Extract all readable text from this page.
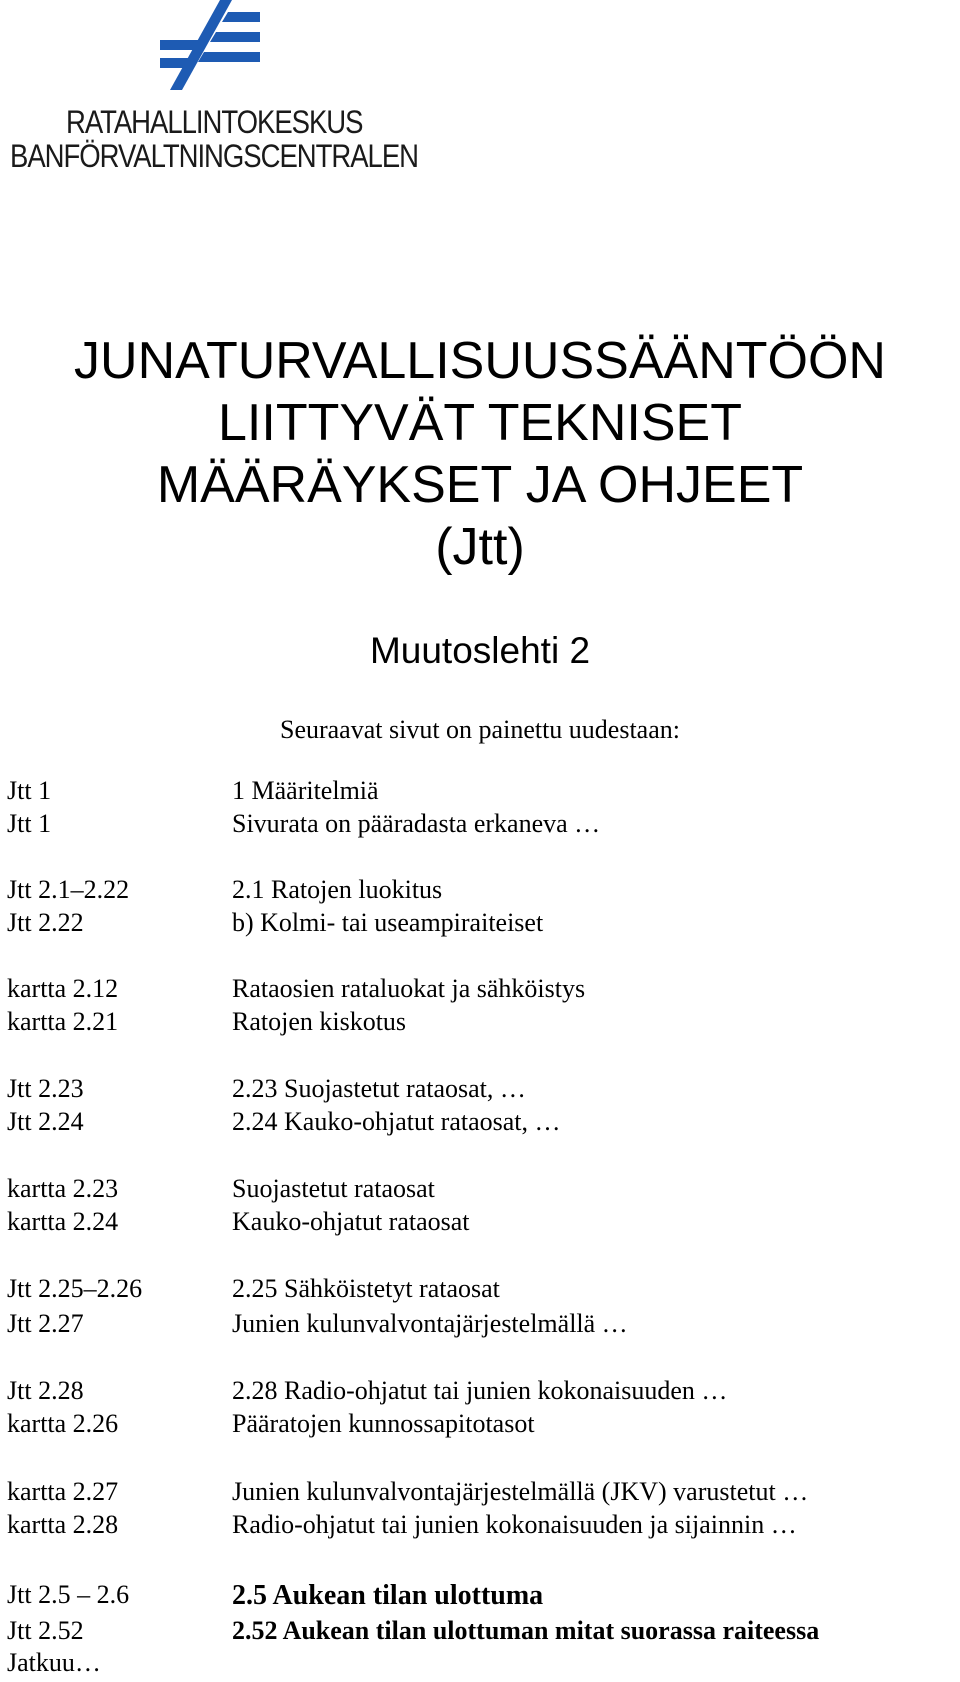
RATAHALLINTOKESKUS
BANFÖRVALTNINGSCENTRALEN
JUNATURVALLISUUSSÄÄNTÖÖN
LIITTYVÄT TEKNISET
MÄÄRÄYKSET JA OHJEET
(Jtt)
Muutoslehti 2
Seuraavat sivut on painettu uudestaan:
Jtt 1	1 Määritelmiä
Jtt 1	Sivurata on pääradasta erkaneva …
Jtt 2.1–2.22	2.1 Ratojen luokitus
Jtt 2.22	b) Kolmi- tai useampiraiteiset
kartta 2.12	Rataosien rataluokat ja sähköistys
kartta 2.21	Ratojen kiskotus
Jtt 2.23	2.23 Suojastetut rataosat, …
Jtt 2.24	2.24 Kauko-ohjatut rataosat, …
kartta 2.23	Suojastetut rataosat
kartta 2.24	Kauko-ohjatut rataosat
Jtt 2.25–2.26	2.25 Sähköistetyt rataosat
Jtt 2.27	Junien kulunvalvontajärjestelmällä …
Jtt 2.28	2.28 Radio-ohjatut tai junien kokonaisuuden …
kartta 2.26	Pääratojen kunnossapitotasot
kartta 2.27	Junien kulunvalvontajärjestelmällä (JKV) varustetut …
kartta 2.28	Radio-ohjatut tai junien kokonaisuuden ja sijainnin …
Jtt 2.5 – 2.6	2.5 Aukean tilan ulottuma
Jtt 2.52	2.52 Aukean tilan ulottuman mitat suorassa raiteessa
Jatkuu…
